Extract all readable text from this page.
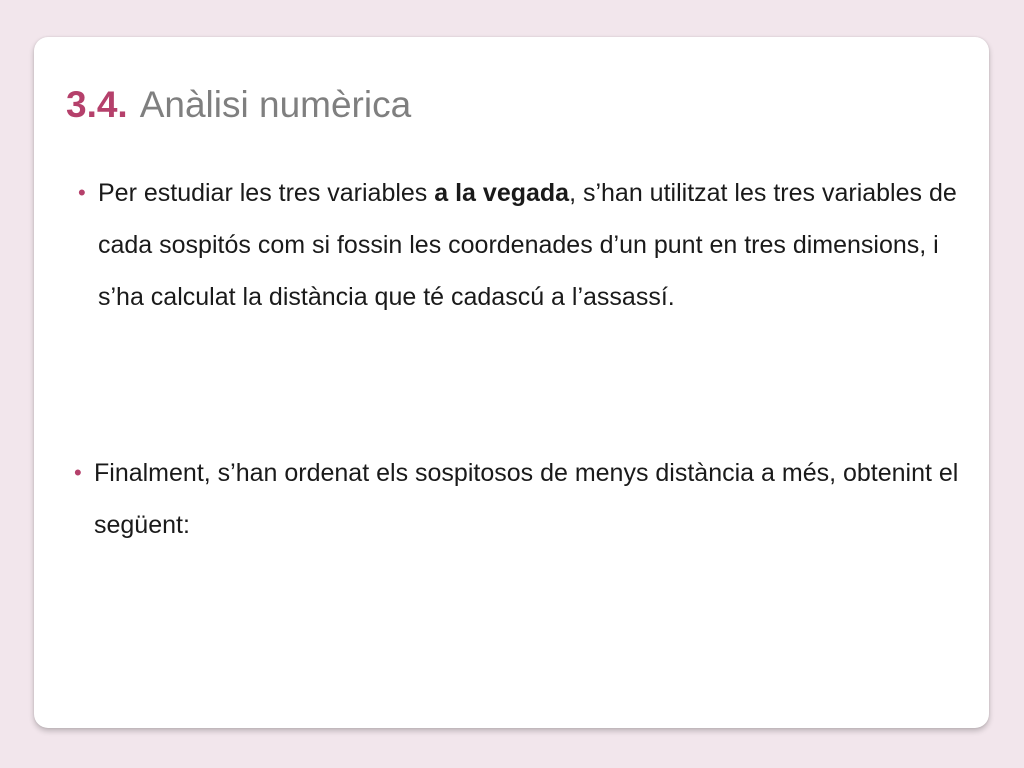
3.4. Anàlisi numèrica
• Per estudiar les tres variables a la vegada, s’han utilitzat les tres variables de cada sospitós com si fossin les coordenades d’un punt en tres dimensions, i s’ha calculat la distància que té cadascú a l’assassí.
• Finalment, s’han ordenat els sospitosos de menys distància a més, obtenint el següent:
